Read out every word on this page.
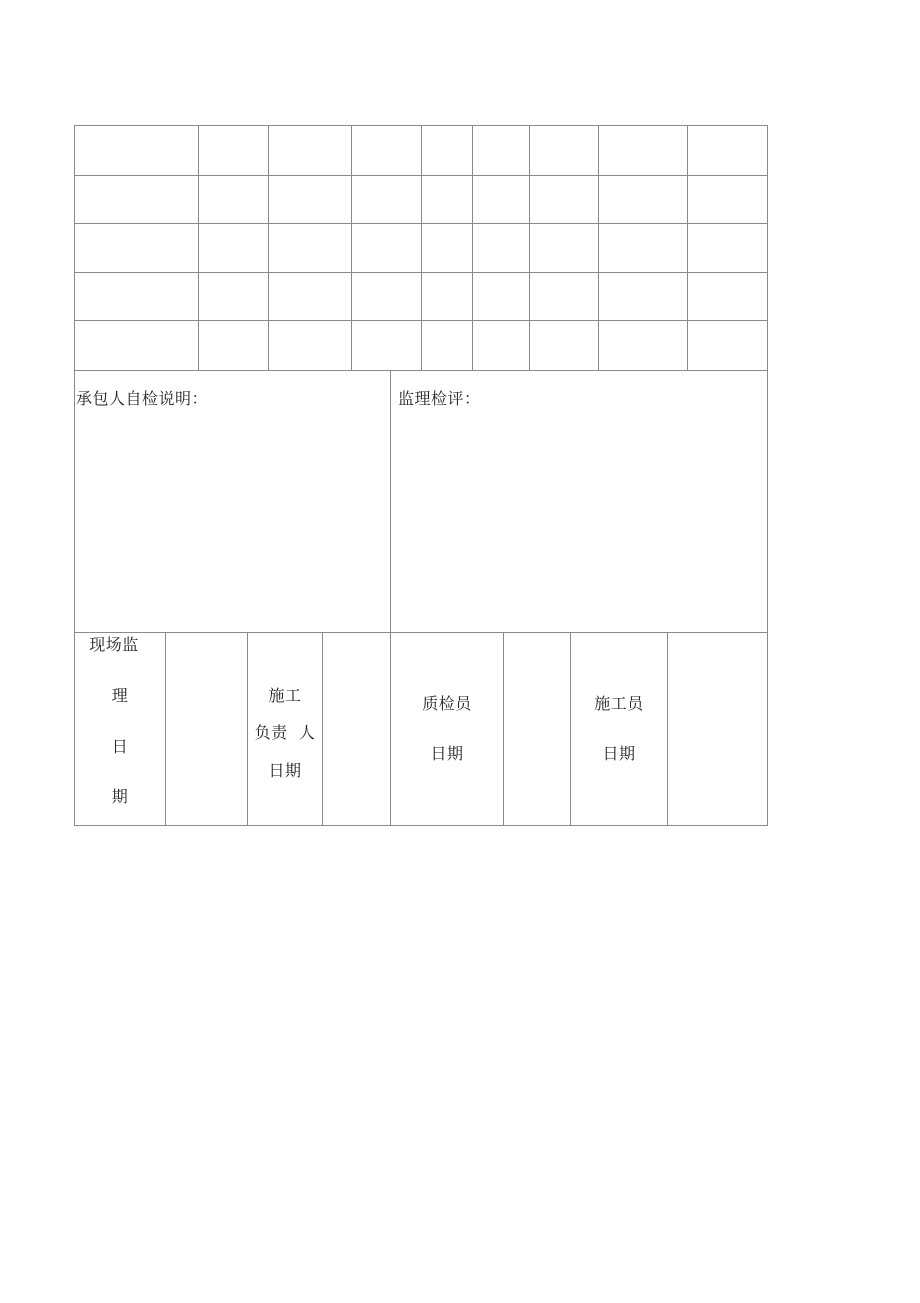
承包人自检说明：	监理检评：
现场监
理
日
期
施工
负责  人
日期
质检员
日期
施工员
日期
